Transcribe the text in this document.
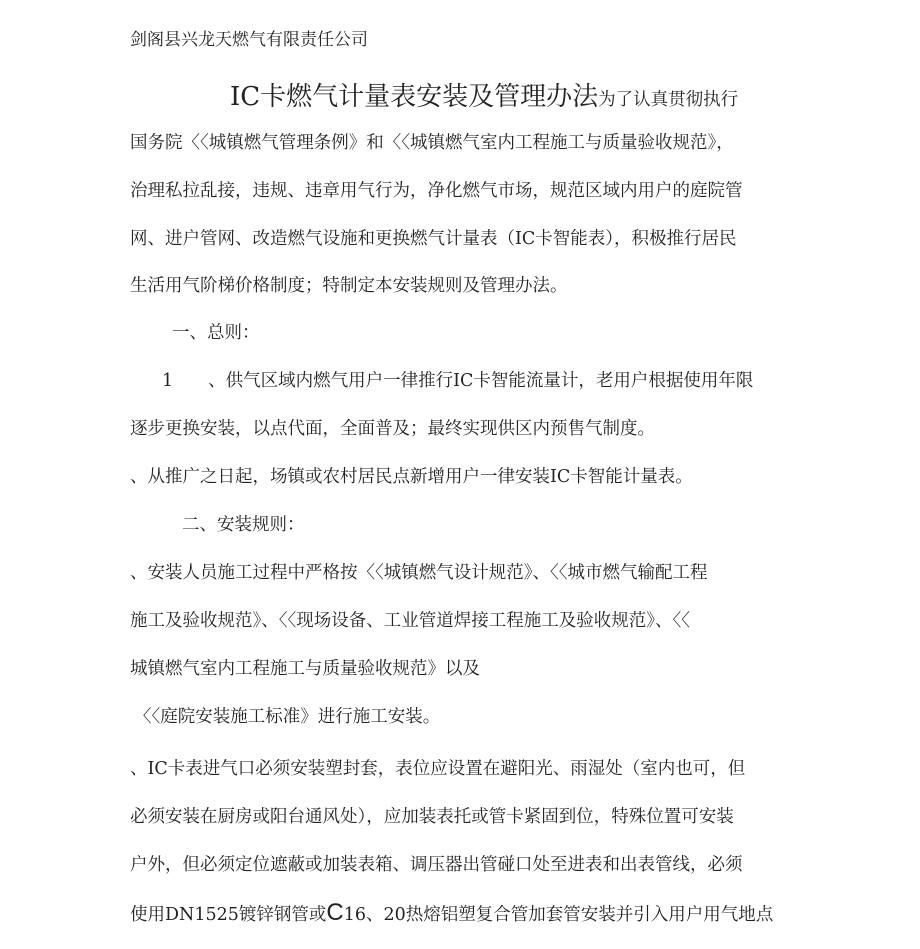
剑阁县兴龙天燃气有限责任公司
IC卡燃气计量表安装及管理办法为了认真贯彻执行
国务院〈〈城镇燃气管理条例》和〈〈城镇燃气室内工程施工与质量验收规范》，
治理私拉乱接，违规、违章用气行为，净化燃气市场，规范区域内用户的庭院管
网、进户管网、改造燃气设施和更换燃气计量表（IC卡智能表），积极推行居民
生活用气阶梯价格制度；特制定本安装规则及管理办法。
一、总则：
1　　、供气区域内燃气用户一律推行IC卡智能流量计，老用户根据使用年限
逐步更换安装，以点代面，全面普及；最终实现供区内预售气制度。
、从推广之日起，场镇或农村居民点新增用户一律安装IC卡智能计量表。
二、安装规则：
、安装人员施工过程中严格按〈〈城镇燃气设计规范》、〈〈城市燃气输配工程
施工及验收规范》、〈〈现场设备、工业管道焊接工程施工及验收规范》、〈〈
城镇燃气室内工程施工与质量验收规范》以及
〈〈庭院安装施工标准》进行施工安装。
、IC卡表进气口必须安装塑封套，表位应设置在避阳光、雨湿处（室内也可，但
必须安装在厨房或阳台通风处），应加装表托或管卡紧固到位，特殊位置可安装
户外，但必须定位遮蔽或加装表箱、调压器出管碰口处至进表和出表管线，必须
使用DN1525镀锌钢管或C16、20热熔铝塑复合管加套管安装并引入用户用气地点
